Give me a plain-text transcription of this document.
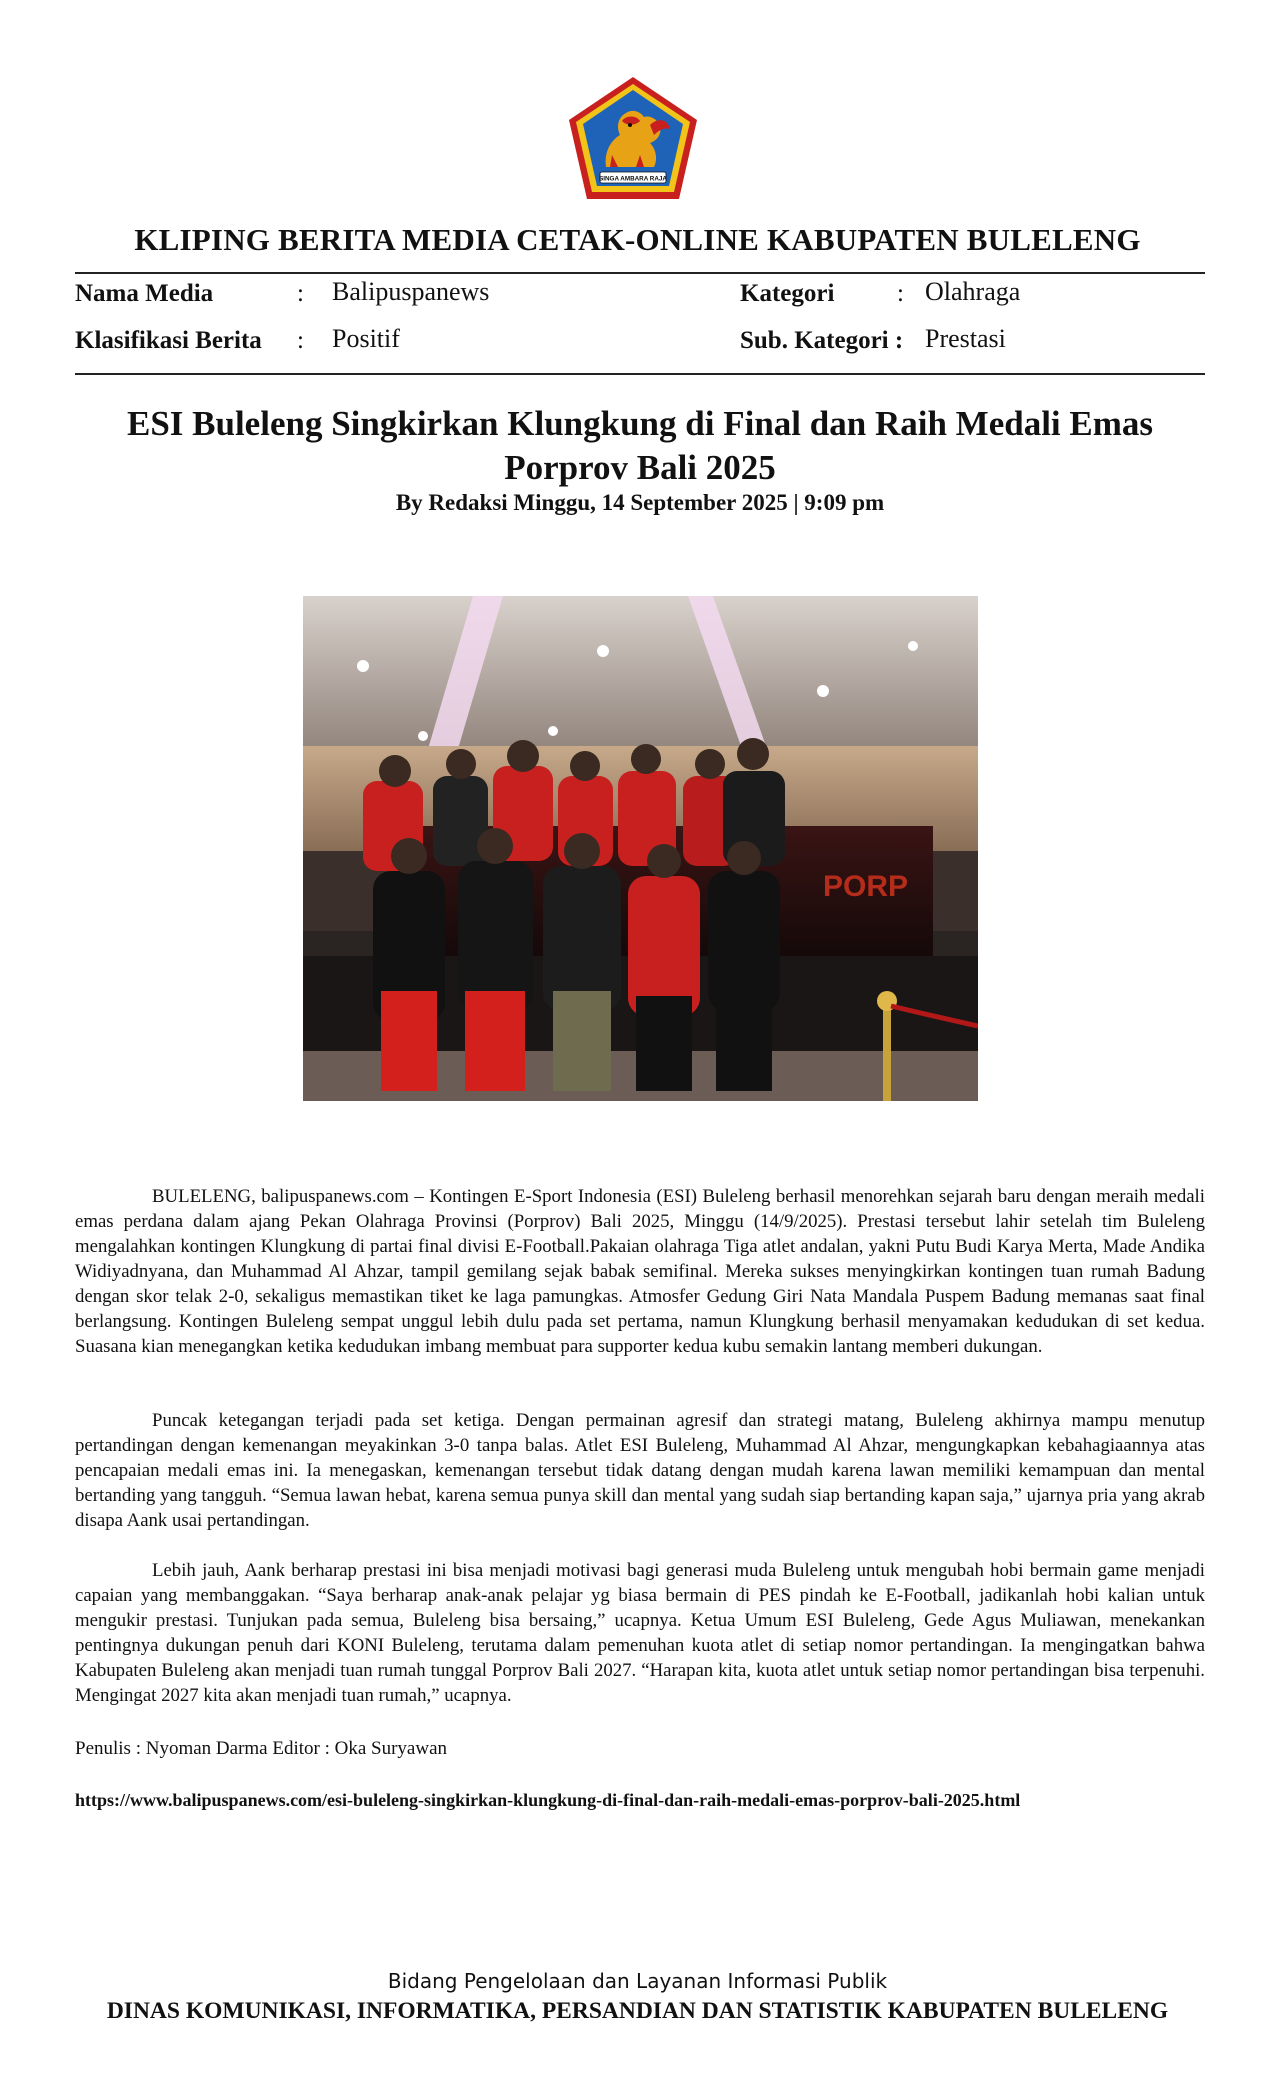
SINGA AMBARA RAJA
KLIPING BERITA MEDIA CETAK-ONLINE KABUPATEN BULELENG
Nama Media	: Balipuspanews	Kategori	: Olahraga
Klasifikasi Berita : Positif	Sub. Kategori : Prestasi
ESI Buleleng Singkirkan Klungkung di Final dan Raih Medali Emas Porprov Bali 2025
By Redaksi Minggu, 14 September 2025 | 9:09 pm
PORP

BULELENG, balipuspanews.com – Kontingen E-Sport Indonesia (ESI) Buleleng berhasil menorehkan sejarah baru dengan meraih medali emas perdana dalam ajang Pekan Olahraga Provinsi (Porprov) Bali 2025, Minggu (14/9/2025). Prestasi tersebut lahir setelah tim Buleleng mengalahkan kontingen Klungkung di partai final divisi E-Football.Pakaian olahraga Tiga atlet andalan, yakni Putu Budi Karya Merta, Made Andika Widiyadnyana, dan Muhammad Al Ahzar, tampil gemilang sejak babak semifinal. Mereka sukses menyingkirkan kontingen tuan rumah Badung dengan skor telak 2-0, sekaligus memastikan tiket ke laga pamungkas. Atmosfer Gedung Giri Nata Mandala Puspem Badung memanas saat final berlangsung. Kontingen Buleleng sempat unggul lebih dulu pada set pertama, namun Klungkung berhasil menyamakan kedudukan di set kedua. Suasana kian menegangkan ketika kedudukan imbang membuat para supporter kedua kubu semakin lantang memberi dukungan.

Puncak ketegangan terjadi pada set ketiga. Dengan permainan agresif dan strategi matang, Buleleng akhirnya mampu menutup pertandingan dengan kemenangan meyakinkan 3-0 tanpa balas. Atlet ESI Buleleng, Muhammad Al Ahzar, mengungkapkan kebahagiaannya atas pencapaian medali emas ini. Ia menegaskan, kemenangan tersebut tidak datang dengan mudah karena lawan memiliki kemampuan dan mental bertanding yang tangguh. “Semua lawan hebat, karena semua punya skill dan mental yang sudah siap bertanding kapan saja,” ujarnya pria yang akrab disapa Aank usai pertandingan.

Lebih jauh, Aank berharap prestasi ini bisa menjadi motivasi bagi generasi muda Buleleng untuk mengubah hobi bermain game menjadi capaian yang membanggakan. “Saya berharap anak-anak pelajar yg biasa bermain di PES pindah ke E-Football, jadikanlah hobi kalian untuk mengukir prestasi. Tunjukan pada semua, Buleleng bisa bersaing,” ucapnya. Ketua Umum ESI Buleleng, Gede Agus Muliawan, menekankan pentingnya dukungan penuh dari KONI Buleleng, terutama dalam pemenuhan kuota atlet di setiap nomor pertandingan. Ia mengingatkan bahwa Kabupaten Buleleng akan menjadi tuan rumah tunggal Porprov Bali 2027. “Harapan kita, kuota atlet untuk setiap nomor pertandingan bisa terpenuhi. Mengingat 2027 kita akan menjadi tuan rumah,” ucapnya.

Penulis : Nyoman Darma Editor : Oka Suryawan
https://www.balipuspanews.com/esi-buleleng-singkirkan-klungkung-di-final-dan-raih-medali-emas-porprov-bali-2025.html
Bidang Pengelolaan dan Layanan Informasi Publik
DINAS KOMUNIKASI, INFORMATIKA, PERSANDIAN DAN STATISTIK KABUPATEN BULELENG
